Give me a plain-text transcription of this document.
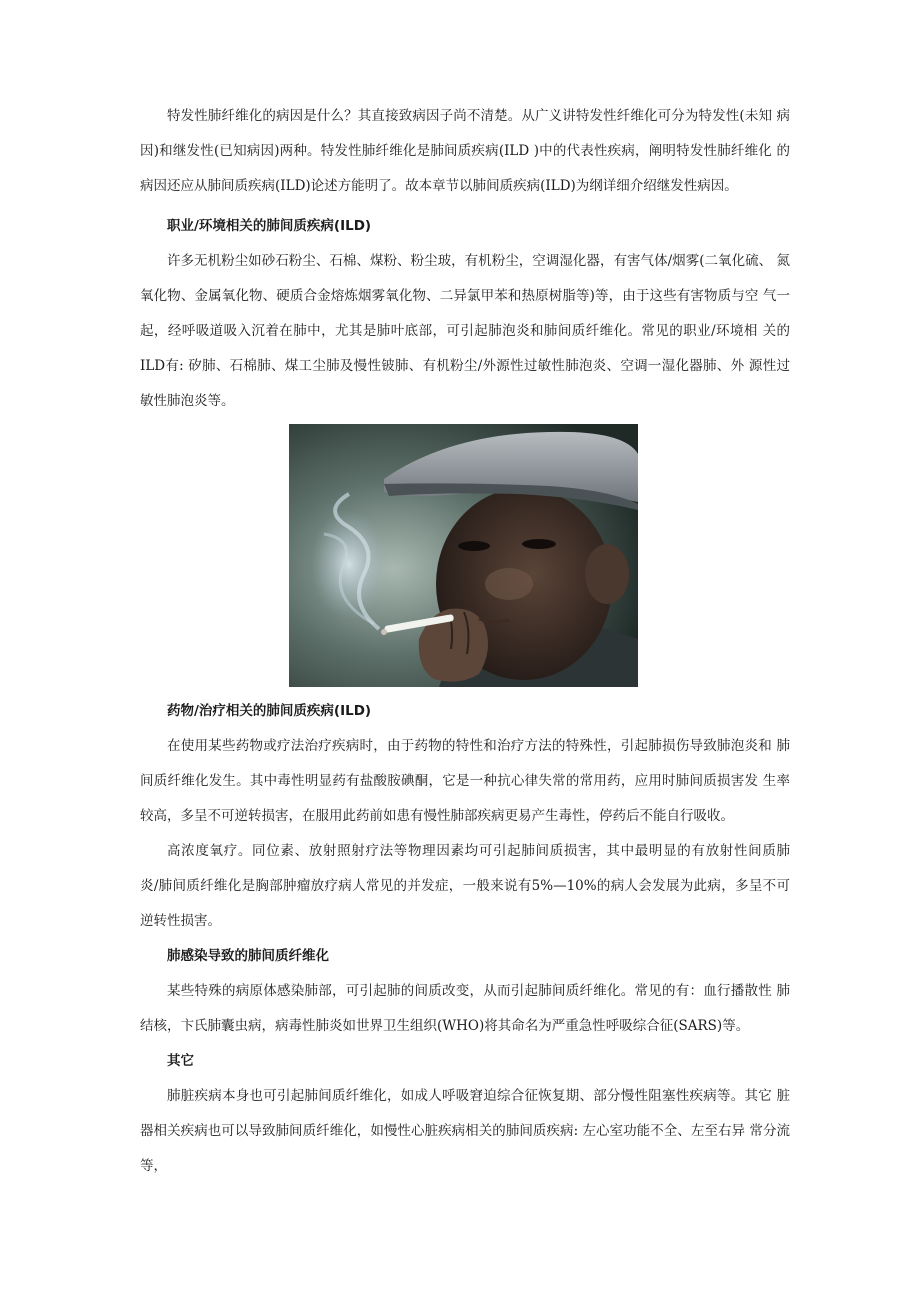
特发性肺纤维化的病因是什么？其直接致病因子尚不清楚。从广义讲特发性纤维化可分为特发性(未知 病因)和继发性(已知病因)两种。特发性肺纤维化是肺间质疾病(ILD )中的代表性疾病，阐明特发性肺纤维化 的病因还应从肺间质疾病(ILD)论述方能明了。故本章节以肺间质疾病(ILD)为纲详细介绍继发性病因。

职业/环境相关的肺间质疾病(ILD)

许多无机粉尘如砂石粉尘、石棉、煤粉、粉尘玻，有机粉尘，空调湿化器，有害气体/烟雾(二氧化硫、 氮氧化物、金属氧化物、硬质合金熔炼烟雾氧化物、二异氯甲苯和热原树脂等)等，由于这些有害物质与空 气一起，经呼吸道吸入沉着在肺中，尤其是肺叶底部，可引起肺泡炎和肺间质纤维化。常见的职业/环境相 关的ILD有: 矽肺、石棉肺、煤工尘肺及慢性铍肺、有机粉尘/外源性过敏性肺泡炎、空调一湿化器肺、外 源性过敏性肺泡炎等。

药物/治疗相关的肺间质疾病(ILD)

在使用某些药物或疗法治疗疾病时，由于药物的特性和治疗方法的特殊性，引起肺损伤导致肺泡炎和 肺间质纤维化发生。其中毒性明显药有盐酸胺碘酮，它是一种抗心律失常的常用药，应用时肺间质损害发 生率较高，多呈不可逆转损害，在服用此药前如患有慢性肺部疾病更易产生毒性，停药后不能自行吸收。

高浓度氧疗。同位素、放射照射疗法等物理因素均可引起肺间质损害，其中最明显的有放射性间质肺　 炎/肺间质纤维化是胸部肿瘤放疗病人常见的并发症，一般来说有5%—10%的病人会发展为此病，多呈不可 逆转性损害。

肺感染导致的肺间质纤维化

某些特殊的病原体感染肺部，可引起肺的间质改变，从而引起肺间质纤维化。常见的有：血行播散性 肺结核，卞氏肺囊虫病，病毒性肺炎如世界卫生组织(WHO)将其命名为严重急性呼吸综合征(SARS)等。

其它

肺脏疾病本身也可引起肺间质纤维化，如成人呼吸窘迫综合征恢复期、部分慢性阻塞性疾病等。其它 脏器相关疾病也可以导致肺间质纤维化，如慢性心脏疾病相关的肺间质疾病: 左心室功能不全、左至右异 常分流等，
